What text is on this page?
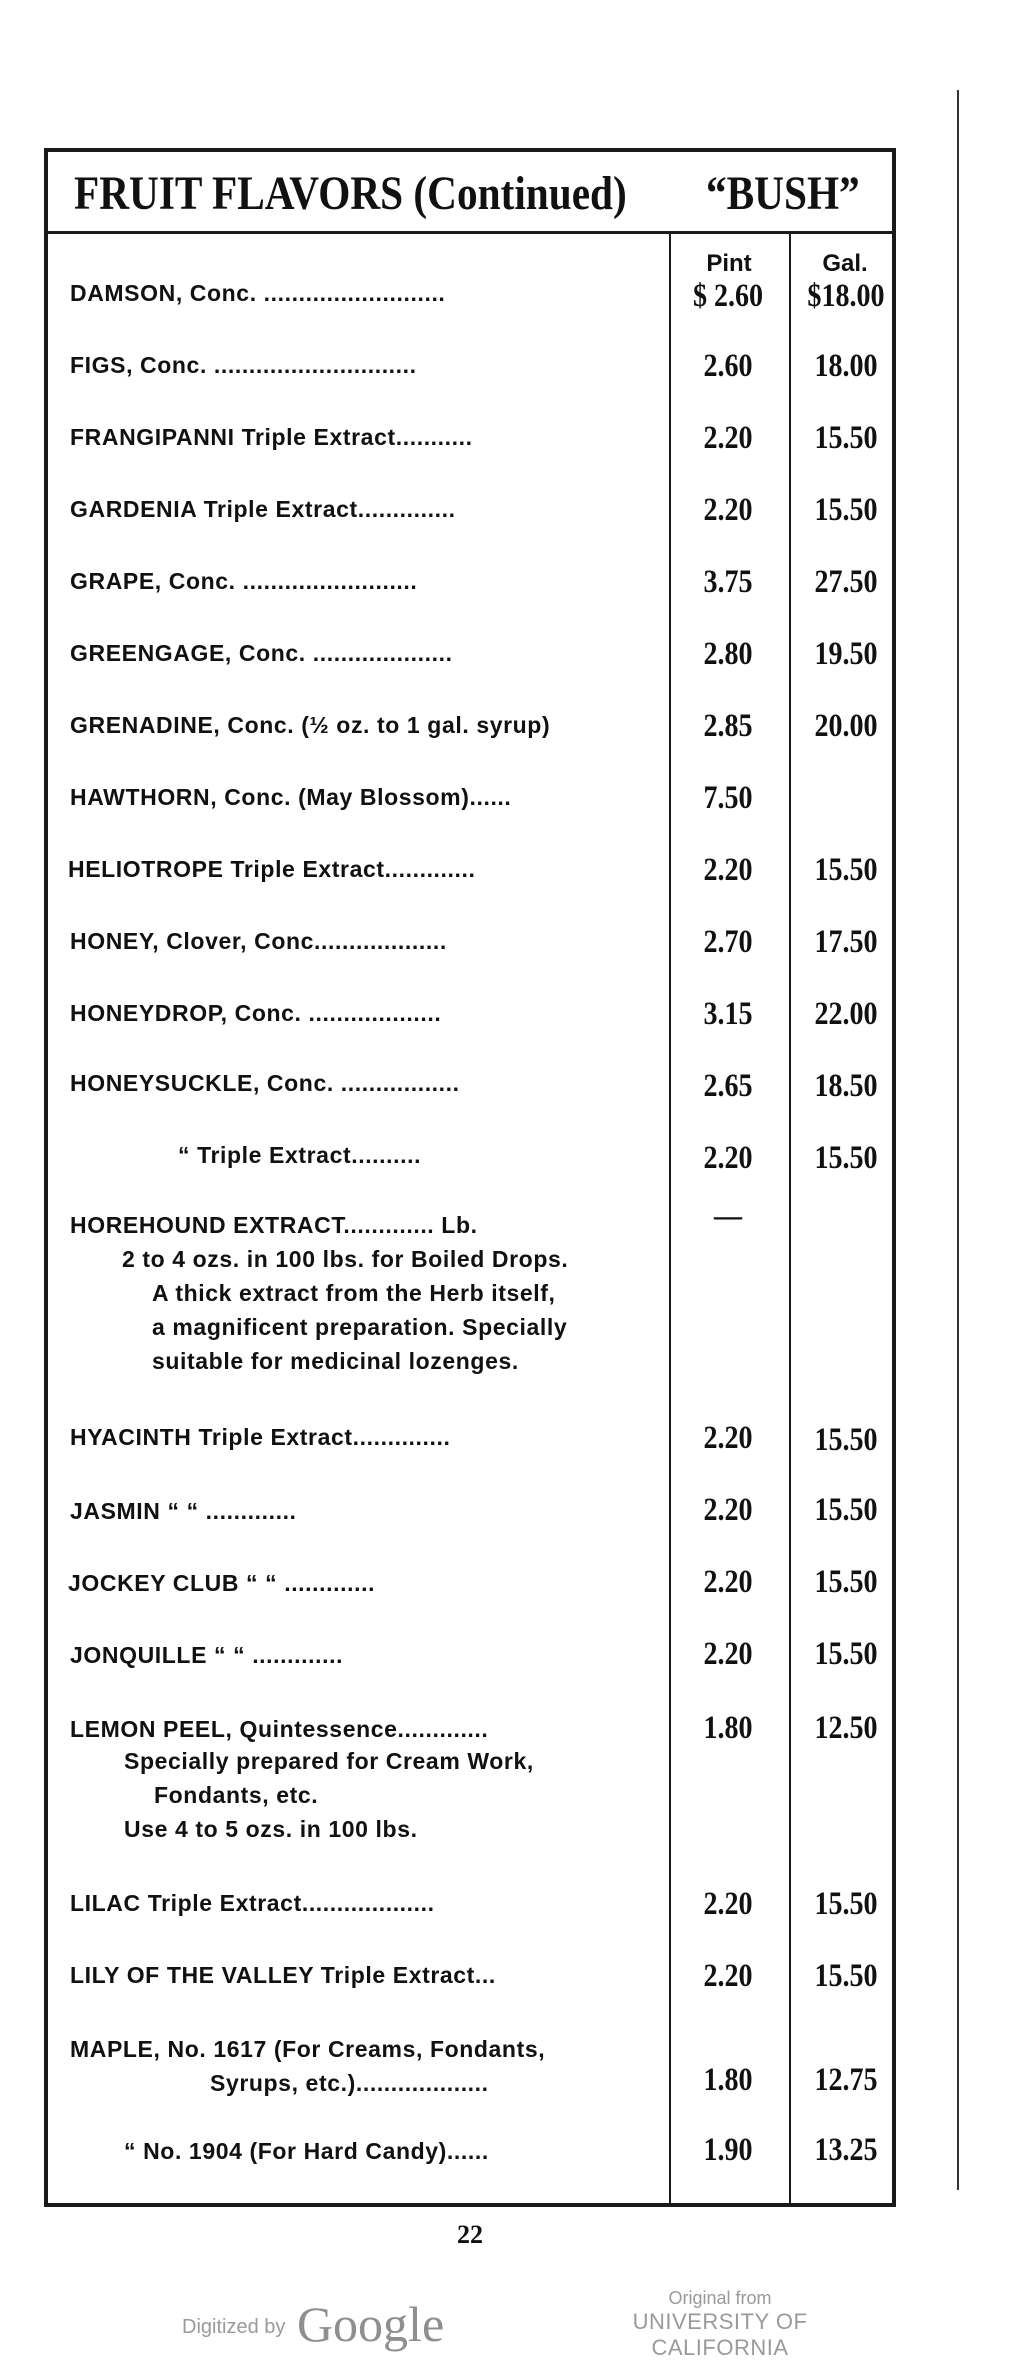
FRUIT FLAVORS (Continued) “BUSH”
Pint	Gal.
DAMSON, Conc. ..........................	$ 2.60	$18.00
FIGS, Conc. .............................	2.60	18.00
FRANGIPANNI Triple Extract...........	2.20	15.50
GARDENIA Triple Extract..............	2.20	15.50
GRAPE, Conc. .........................	3.75	27.50
GREENGAGE, Conc. ....................	2.80	19.50
GRENADINE, Conc. (½ oz. to 1 gal. syrup)	2.85	20.00
HAWTHORN, Conc. (May Blossom)......	7.50
HELIOTROPE Triple Extract.............	2.20	15.50
HONEY, Clover, Conc...................	2.70	17.50
HONEYDROP, Conc. ...................	3.15	22.00
HONEYSUCKLE, Conc. .................	2.65	18.50
“ Triple Extract..........	2.20	15.50
HOREHOUND EXTRACT............. Lb.	—
2 to 4 ozs. in 100 lbs. for Boiled Drops.
A thick extract from the Herb itself,
a magnificent preparation. Specially
suitable for medicinal lozenges.
HYACINTH Triple Extract..............	2.20	15.50
JASMIN “ “ .............	2.20	15.50
JOCKEY CLUB “ “ .............	2.20	15.50
JONQUILLE “ “ .............	2.20	15.50
LEMON PEEL, Quintessence.............	1.80	12.50
Specially prepared for Cream Work,
Fondants, etc.
Use 4 to 5 ozs. in 100 lbs.
LILAC Triple Extract...................	2.20	15.50
LILY OF THE VALLEY Triple Extract...	2.20	15.50
MAPLE, No. 1617 (For Creams, Fondants,
Syrups, etc.)...................	1.80	12.75
“ No. 1904 (For Hard Candy)......	1.90	13.25
22
Digitized by Google	Original from
UNIVERSITY OF CALIFORNIA
